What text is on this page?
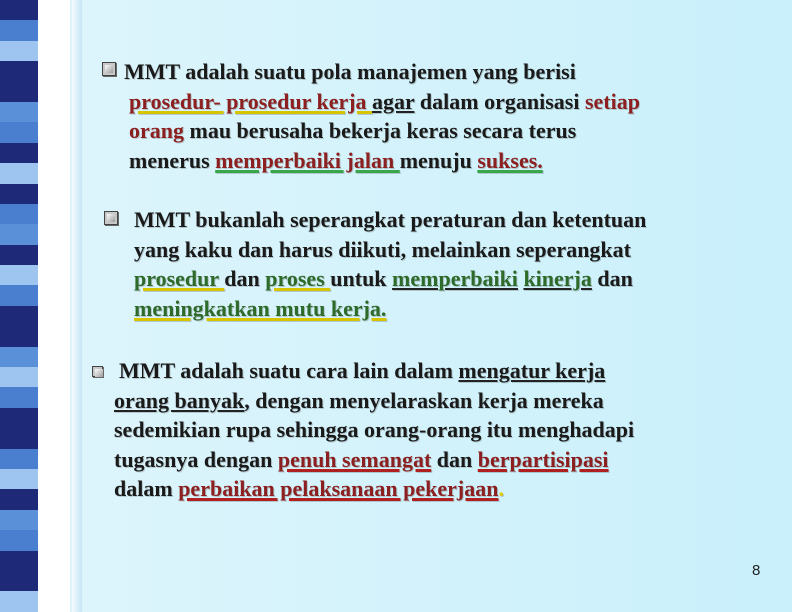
MMT adalah suatu pola manajemen yang berisi
prosedur- prosedur kerja agar dalam organisasi setiap
orang mau berusaha bekerja keras secara terus
menerus memperbaiki jalan menuju sukses.
MMT bukanlah seperangkat peraturan dan ketentuan
yang kaku dan harus diikuti, melainkan seperangkat
prosedur dan proses untuk memperbaiki kinerja dan
meningkatkan mutu kerja.
MMT adalah suatu cara lain dalam mengatur kerja
orang banyak, dengan menyelaraskan kerja mereka
sedemikian rupa sehingga orang-orang itu menghadapi
tugasnya dengan penuh semangat dan berpartisipasi
dalam perbaikan pelaksanaan pekerjaan.
8
